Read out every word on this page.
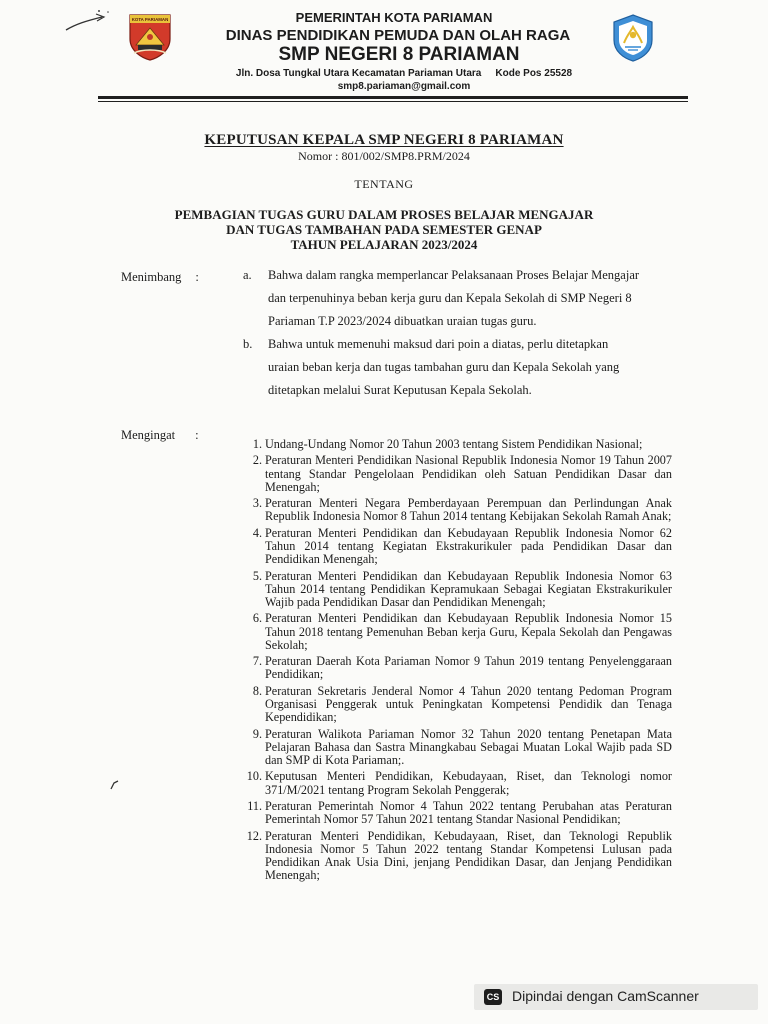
KOTA PARIAMAN	PEMERINTAH KOTA PARIAMAN
DINAS PENDIDIKAN PEMUDA DAN OLAH RAGA
SMP NEGERI 8 PARIAMAN
Jln. Dosa Tungkal Utara Kecamatan Pariaman Utara Kode Pos 25528
smp8.pariaman@gmail.com
KEPUTUSAN KEPALA SMP NEGERI 8 PARIAMAN
Nomor : 801/002/SMP8.PRM/2024
TENTANG
PEMBAGIAN TUGAS GURU DALAM PROSES BELAJAR MENGAJAR
DAN TUGAS TAMBAHAN PADA SEMESTER GENAP
TAHUN PELAJARAN 2023/2024
Menimbang :	a. Bahwa dalam rangka memperlancar Pelaksanaan Proses Belajar Mengajar
dan terpenuhinya beban kerja guru dan Kepala Sekolah di SMP Negeri 8
Pariaman T.P 2023/2024 dibuatkan uraian tugas guru.
b. Bahwa untuk memenuhi maksud dari poin a diatas, perlu ditetapkan
uraian beban kerja dan tugas tambahan guru dan Kepala Sekolah yang
ditetapkan melalui Surat Keputusan Kepala Sekolah.
Mengingat :
1. Undang-Undang Nomor 20 Tahun 2003 tentang Sistem Pendidikan Nasional;
2. Peraturan Menteri Pendidikan Nasional Republik Indonesia Nomor 19 Tahun 2007 tentang Standar Pengelolaan Pendidikan oleh Satuan Pendidikan Dasar dan Menengah;
3. Peraturan Menteri Negara Pemberdayaan Perempuan dan Perlindungan Anak Republik Indonesia Nomor 8 Tahun 2014 tentang Kebijakan Sekolah Ramah Anak;
4. Peraturan Menteri Pendidikan dan Kebudayaan Republik Indonesia Nomor 62 Tahun 2014 tentang Kegiatan Ekstrakurikuler pada Pendidikan Dasar dan Pendidikan Menengah;
5. Peraturan Menteri Pendidikan dan Kebudayaan Republik Indonesia Nomor 63 Tahun 2014 tentang Pendidikan Kepramukaan Sebagai Kegiatan Ekstrakurikuler Wajib pada Pendidikan Dasar dan Pendidikan Menengah;
6. Peraturan Menteri Pendidikan dan Kebudayaan Republik Indonesia Nomor 15 Tahun 2018 tentang Pemenuhan Beban kerja Guru, Kepala Sekolah dan Pengawas Sekolah;
7. Peraturan Daerah Kota Pariaman Nomor 9 Tahun 2019 tentang Penyelenggaraan Pendidikan;
8. Peraturan Sekretaris Jenderal Nomor 4 Tahun 2020 tentang Pedoman Program Organisasi Penggerak untuk Peningkatan Kompetensi Pendidik dan Tenaga Kependidikan;
9. Peraturan Walikota Pariaman Nomor 32 Tahun 2020 tentang Penetapan Mata Pelajaran Bahasa dan Sastra Minangkabau Sebagai Muatan Lokal Wajib pada SD dan SMP di Kota Pariaman;.
10. Keputusan Menteri Pendidikan, Kebudayaan, Riset, dan Teknologi nomor 371/M/2021 tentang Program Sekolah Penggerak;
11. Peraturan Pemerintah Nomor 4 Tahun 2022 tentang Perubahan atas Peraturan Pemerintah Nomor 57 Tahun 2021 tentang Standar Nasional Pendidikan;
12. Peraturan Menteri Pendidikan, Kebudayaan, Riset, dan Teknologi Republik Indonesia Nomor 5 Tahun 2022 tentang Standar Kompetensi Lulusan pada Pendidikan Anak Usia Dini, jenjang Pendidikan Dasar, dan Jenjang Pendidikan Menengah;
CS Dipindai dengan CamScanner
